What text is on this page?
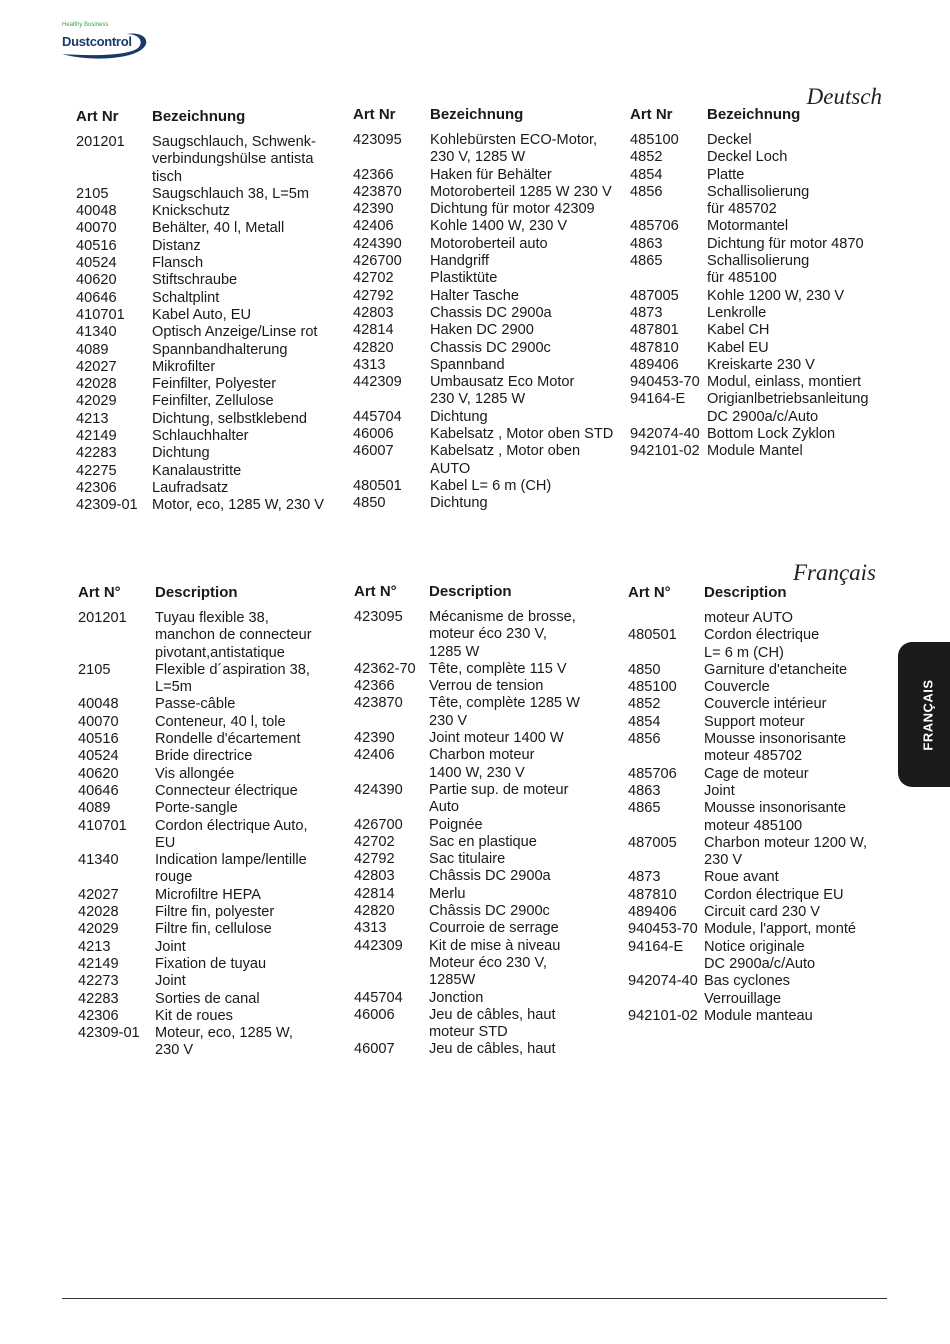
Healthy Business
Dustcontrol
Deutsch
Art Nr Bezeichnung
201201 Saugschlauch, Schwenk-
verbindungshülse antista
tisch
2105	Saugschlauch 38, L=5m
40048 Knickschutz
40070 Behälter, 40 l, Metall
40516 Distanz
40524 Flansch
40620 Stiftschraube
40646 Schaltplint
410701 Kabel Auto, EU
41340 Optisch Anzeige/Linse rot
4089	Spannbandhalterung
42027 Mikrofilter
42028 Feinfilter, Polyester
42029 Feinfilter, Zellulose
4213	Dichtung, selbstklebend
42149 Schlauchhalter
42283 Dichtung
42275 Kanalaustritte
42306 Laufradsatz
42309-01 Motor, eco, 1285 W, 230 V
Art Nr Bezeichnung
423095 Kohlebürsten ECO-Motor,
230 V, 1285 W
42366 Haken für Behälter
423870 Motoroberteil 1285 W 230 V
42390 Dichtung für motor 42309
42406 Kohle 1400 W, 230 V
424390 Motoroberteil auto
426700 Handgriff
42702 Plastiktüte
42792 Halter Tasche
42803 Chassis DC 2900a
42814 Haken DC 2900
42820 Chassis DC 2900c
4313	Spannband
442309 Umbausatz Eco Motor
230 V, 1285 W
445704 Dichtung
46006 Kabelsatz , Motor oben STD
46007 Kabelsatz , Motor oben
AUTO
480501 Kabel L= 6 m (CH)
4850	Dichtung
Art Nr Bezeichnung
485100 Deckel
4852	Deckel Loch
4854	Platte
4856	Schallisolierung
für 485702
485706 Motormantel
4863	Dichtung für motor 4870
4865	Schallisolierung
für 485100
487005 Kohle 1200 W, 230 V
4873	Lenkrolle
487801 Kabel CH
487810 Kabel EU
489406 Kreiskarte 230 V
940453-70 Modul, einlass, montiert
94164-E Origianlbetriebsanleitung
DC 2900a/c/Auto
942074-40 Bottom Lock Zyklon
942101-02 Module Mantel
Français
Art N° Description
201201 Tuyau flexible 38,
manchon de connecteur
pivotant,antistatique
2105	Flexible d´aspiration 38,
L=5m
40048 Passe-câble
40070 Conteneur, 40 l, tole
40516 Rondelle d'écartement
40524 Bride directrice
40620 Vis allongée
40646 Connecteur électrique
4089	Porte-sangle
410701 Cordon électrique Auto,
EU
41340 Indication lampe/lentille
rouge
42027 Microfiltre HEPA
42028 Filtre fin, polyester
42029 Filtre fin, cellulose
4213	Joint
42149 Fixation de tuyau
42273 Joint
42283 Sorties de canal
42306 Kit de roues
42309-01 Moteur, eco, 1285 W,
230 V
Art N° Description
423095 Mécanisme de brosse,
moteur éco 230 V,
1285 W
42362-70 Tête, complète 115 V
42366 Verrou de tension
423870 Tête, complète 1285 W
230 V
42390 Joint moteur 1400 W
42406 Charbon moteur
1400 W, 230 V
424390 Partie sup. de moteur
Auto
426700 Poignée
42702 Sac en plastique
42792 Sac titulaire
42803 Châssis DC 2900a
42814 Merlu
42820 Châssis DC 2900c
4313	Courroie de serrage
442309 Kit de mise à niveau
Moteur éco 230 V,
1285W
445704 Jonction
46006 Jeu de câbles, haut
moteur STD
46007 Jeu de câbles, haut
Art N° Description
moteur AUTO
480501 Cordon électrique
L= 6 m (CH)
4850	Garniture d'etancheite
485100 Couvercle
4852	Couvercle intérieur
4854	Support moteur
4856	Mousse insonorisante
moteur 485702
485706 Cage de moteur
4863	Joint
4865	Mousse insonorisante
moteur 485100
487005 Charbon moteur 1200 W,
230 V
4873	Roue avant
487810 Cordon électrique EU
489406 Circuit card 230 V
940453-70 Module, l'apport, monté
94164-E Notice originale
DC 2900a/c/Auto
942074-40 Bas cyclones
Verrouillage
942101-02 Module manteau
FRANÇAIS
